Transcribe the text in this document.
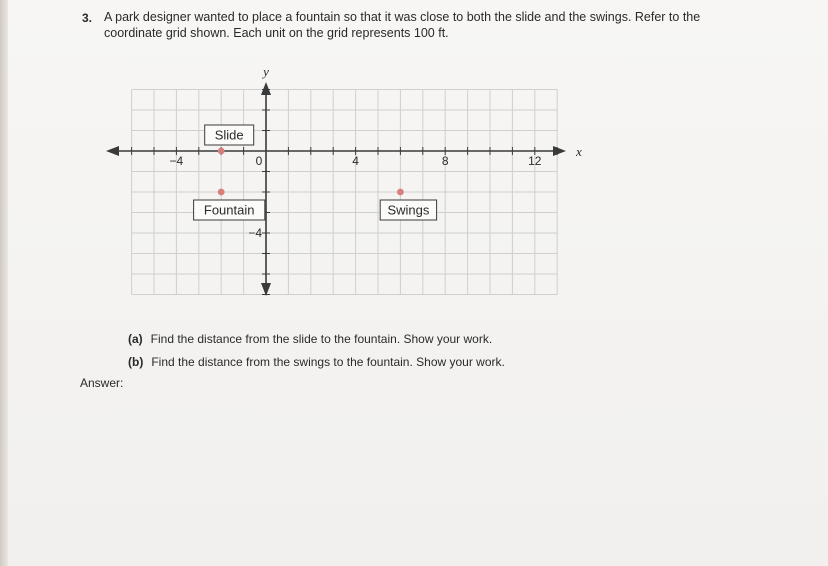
3. A park designer wanted to place a fountain so that it was close to both the slide and the swings. Refer to the
coordinate grid shown. Each unit on the grid represents 100 ft.
x
y
−4	0	4	8	12
−4
Slide
Fountain	Swings
(a) Find the distance from the slide to the fountain. Show your work.
(b) Find the distance from the swings to the fountain. Show your work.
Answer:
